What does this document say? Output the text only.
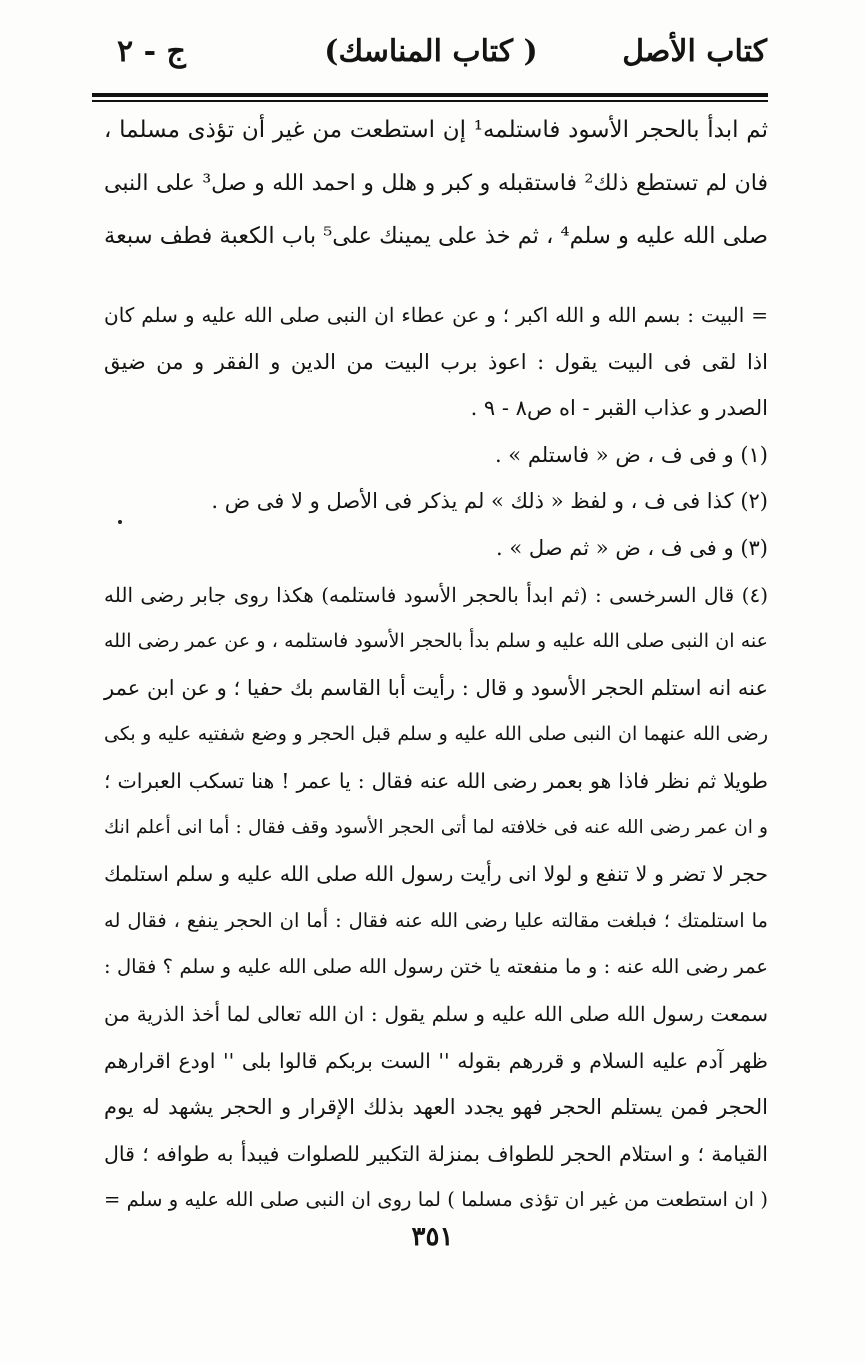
كتاب الأصل
( كتاب المناسك)
ج - ٢
ثم ابدأ بالحجر الأسود فاستلمه¹ إن استطعت من غير أن تؤذى مسلما ،
فان لم تستطع ذلك² فاستقبله و كبر و هلل و احمد الله و صل³ على النبى
صلى الله عليه و سلم⁴ ، ثم خذ على يمينك على⁵ باب الكعبة فطف سبعة
= البيت : بسم الله و الله اكبر ؛ و عن عطاء ان النبى صلى الله عليه و سلم كان
اذا لقى فى البيت يقول : اعوذ برب البيت من الدين و الفقر و من ضيق
الصدر و عذاب القبر - اه ص٨ - ٩ .
(١) و فى ف ، ض « فاستلم » .
(٢) كذا فى ف ، و لفظ « ذلك » لم يذكر فى الأصل و لا فى ض .
(٣) و فى ف ، ض « ثم صل » .
(٤) قال السرخسى : (ثم ابدأ بالحجر الأسود فاستلمه) هكذا روى جابر رضى الله
عنه ان النبى صلى الله عليه و سلم بدأ بالحجر الأسود فاستلمه ، و عن عمر رضى الله
عنه انه استلم الحجر الأسود و قال : رأيت أبا القاسم بك حفيا ؛ و عن ابن عمر
رضى الله عنهما ان النبى صلى الله عليه و سلم قبل الحجر و وضع شفتيه عليه و بكى
طويلا ثم نظر فاذا هو بعمر رضى الله عنه فقال : يا عمر ! هنا تسكب العبرات ؛
و ان عمر رضى الله عنه فى خلافته لما أتى الحجر الأسود وقف فقال : أما انى أعلم انك
حجر لا تضر و لا تنفع و لولا انى رأيت رسول الله صلى الله عليه و سلم استلمك
ما استلمتك ؛ فبلغت مقالته عليا رضى الله عنه فقال : أما ان الحجر ينفع ، فقال له
عمر رضى الله عنه : و ما منفعته يا ختن رسول الله صلى الله عليه و سلم ؟ فقال :
سمعت رسول الله صلى الله عليه و سلم يقول : ان الله تعالى لما أخذ الذرية من
ظهر آدم عليه السلام و قررهم بقوله '' الست بربكم قالوا بلى '' اودع اقرارهم
الحجر فمن يستلم الحجر فهو يجدد العهد بذلك الإقرار و الحجر يشهد له يوم
القيامة ؛ و استلام الحجر للطواف بمنزلة التكبير للصلوات فيبدأ به طوافه ؛ قال
( ان استطعت من غير ان تؤذى مسلما ) لما روى ان النبى صلى الله عليه و سلم =
٣٥١
